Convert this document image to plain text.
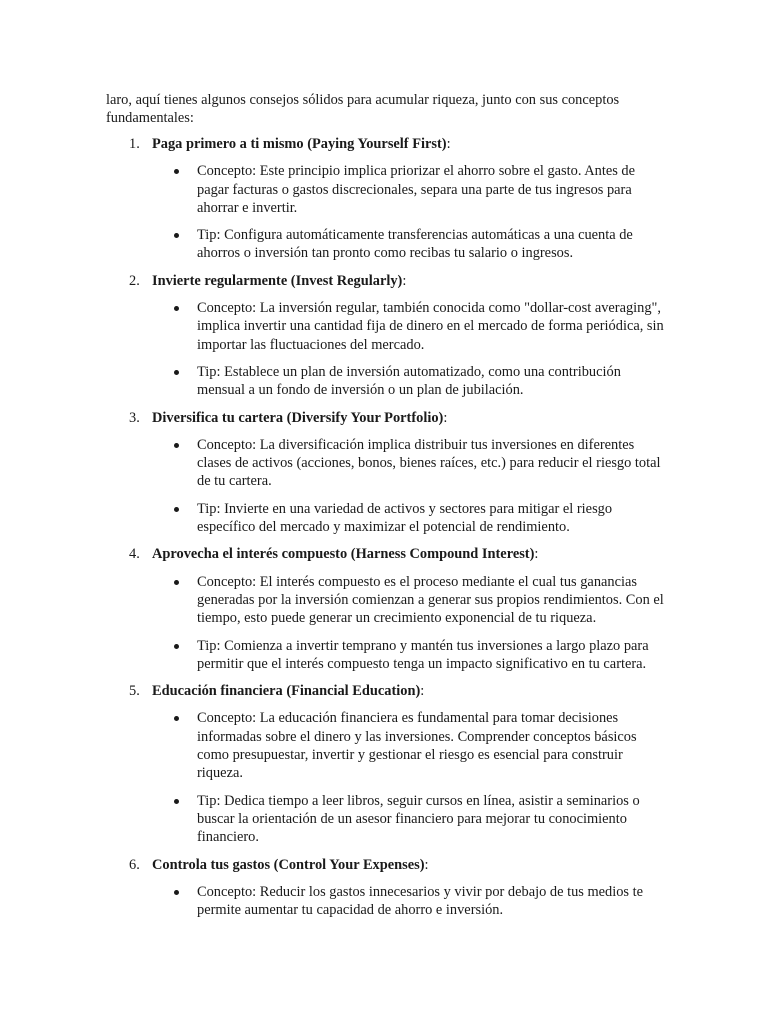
laro, aquí tienes algunos consejos sólidos para acumular riqueza, junto con sus conceptos fundamentales:

1. Paga primero a ti mismo (Paying Yourself First):
Concepto: Este principio implica priorizar el ahorro sobre el gasto. Antes de pagar facturas o gastos discrecionales, separa una parte de tus ingresos para ahorrar e invertir.
Tip: Configura automáticamente transferencias automáticas a una cuenta de ahorros o inversión tan pronto como recibas tu salario o ingresos.
2. Invierte regularmente (Invest Regularly):
Concepto: La inversión regular, también conocida como "dollar-cost averaging", implica invertir una cantidad fija de dinero en el mercado de forma periódica, sin importar las fluctuaciones del mercado.
Tip: Establece un plan de inversión automatizado, como una contribución mensual a un fondo de inversión o un plan de jubilación.
3. Diversifica tu cartera (Diversify Your Portfolio):
Concepto: La diversificación implica distribuir tus inversiones en diferentes clases de activos (acciones, bonos, bienes raíces, etc.) para reducir el riesgo total de tu cartera.
Tip: Invierte en una variedad de activos y sectores para mitigar el riesgo específico del mercado y maximizar el potencial de rendimiento.
4. Aprovecha el interés compuesto (Harness Compound Interest):
Concepto: El interés compuesto es el proceso mediante el cual tus ganancias generadas por la inversión comienzan a generar sus propios rendimientos. Con el tiempo, esto puede generar un crecimiento exponencial de tu riqueza.
Tip: Comienza a invertir temprano y mantén tus inversiones a largo plazo para permitir que el interés compuesto tenga un impacto significativo en tu cartera.
5. Educación financiera (Financial Education):
Concepto: La educación financiera es fundamental para tomar decisiones informadas sobre el dinero y las inversiones. Comprender conceptos básicos como presupuestar, invertir y gestionar el riesgo es esencial para construir riqueza.
Tip: Dedica tiempo a leer libros, seguir cursos en línea, asistir a seminarios o buscar la orientación de un asesor financiero para mejorar tu conocimiento financiero.
6. Controla tus gastos (Control Your Expenses):
Concepto: Reducir los gastos innecesarios y vivir por debajo de tus medios te permite aumentar tu capacidad de ahorro e inversión.
